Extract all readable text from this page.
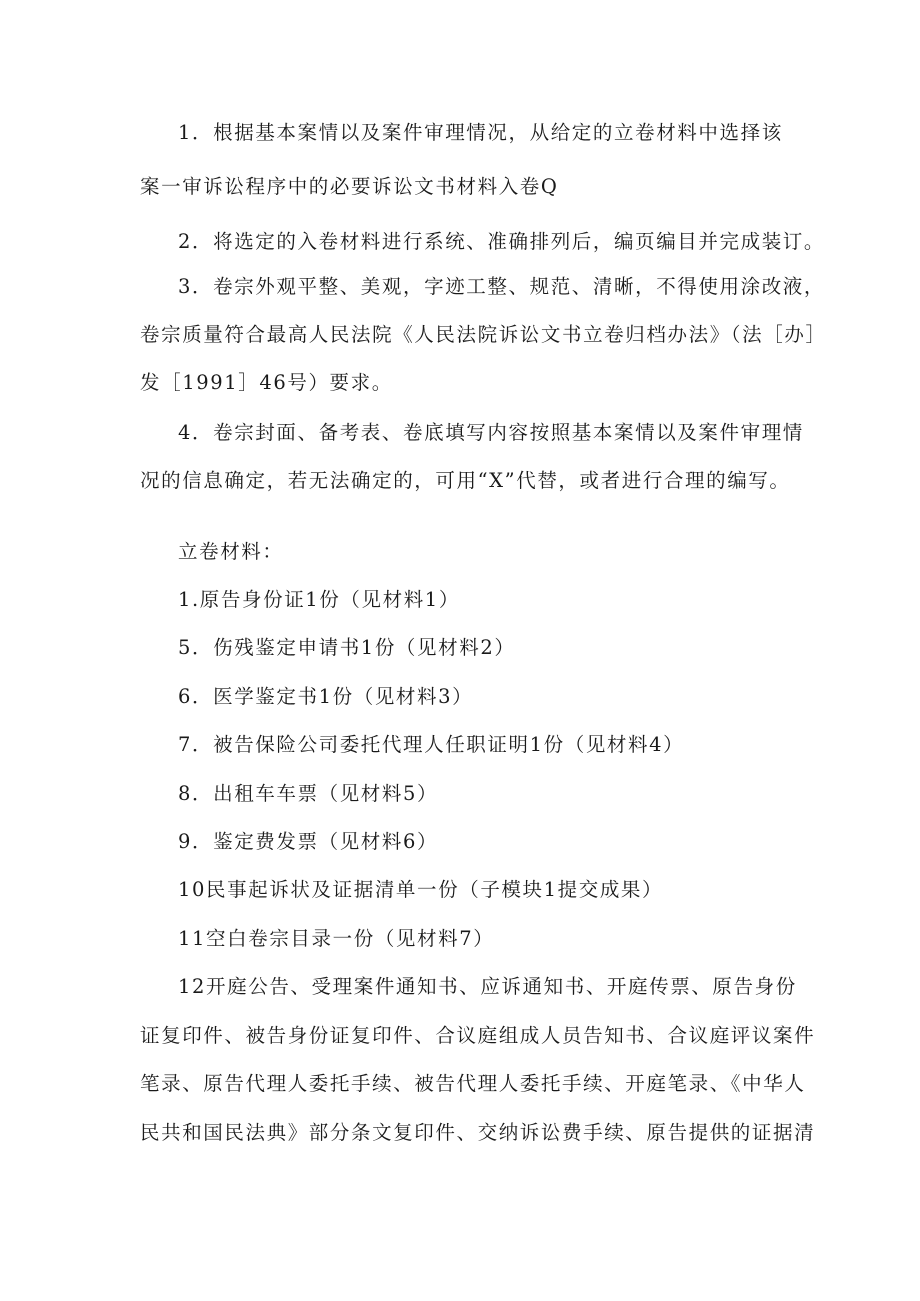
1．根据基本案情以及案件审理情况，从给定的立卷材料中选择该
案一审诉讼程序中的必要诉讼文书材料入卷Q
2．将选定的入卷材料进行系统、准确排列后，编页编目并完成装订。
3．卷宗外观平整、美观，字迹工整、规范、清晰，不得使用涂改液，
卷宗质量符合最高人民法院《人民法院诉讼文书立卷归档办法》（法［办］
发［1991］46号）要求。
4．卷宗封面、备考表、卷底填写内容按照基本案情以及案件审理情
况的信息确定，若无法确定的，可用“X”代替，或者进行合理的编写。
立卷材料：
1.原告身份证1份（见材料1）
5．伤残鉴定申请书1份（见材料2）
6．医学鉴定书1份（见材料3）
7．被告保险公司委托代理人任职证明1份（见材料4）
8．出租车车票（见材料5）
9．鉴定费发票（见材料6）
10民事起诉状及证据清单一份（子模块1提交成果）
11空白卷宗目录一份（见材料7）
12开庭公告、受理案件通知书、应诉通知书、开庭传票、原告身份
证复印件、被告身份证复印件、合议庭组成人员告知书、合议庭评议案件
笔录、原告代理人委托手续、被告代理人委托手续、开庭笔录、《中华人
民共和国民法典》部分条文复印件、交纳诉讼费手续、原告提供的证据清
